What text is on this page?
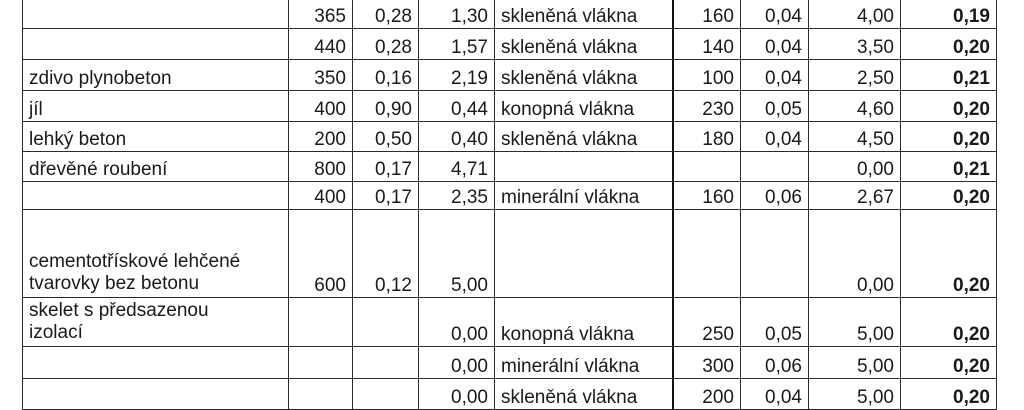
	365	0,28	1,30	skleněná vlákna	160	0,04	4,00	0,19
	440	0,28	1,57	skleněná vlákna	140	0,04	3,50	0,20
zdivo plynobeton	350	0,16	2,19	skleněná vlákna	100	0,04	2,50	0,21
jíl	400	0,90	0,44	konopná vlákna	230	0,05	4,60	0,20
lehký beton	200	0,50	0,40	skleněná vlákna	180	0,04	4,50	0,20
dřevěné roubení	800	0,17	4,71				0,00	0,21
	400	0,17	2,35	minerální vlákna	160	0,06	2,67	0,20

cementotřískové lehčené
tvarovky bez betonu	600	0,12	5,00				0,00	0,20

skelet s předsazenou
izolací			0,00	konopná vlákna	250	0,05	5,00	0,20
			0,00	minerální vlákna	300	0,06	5,00	0,20
			0,00	skleněná vlákna	200	0,04	5,00	0,20
